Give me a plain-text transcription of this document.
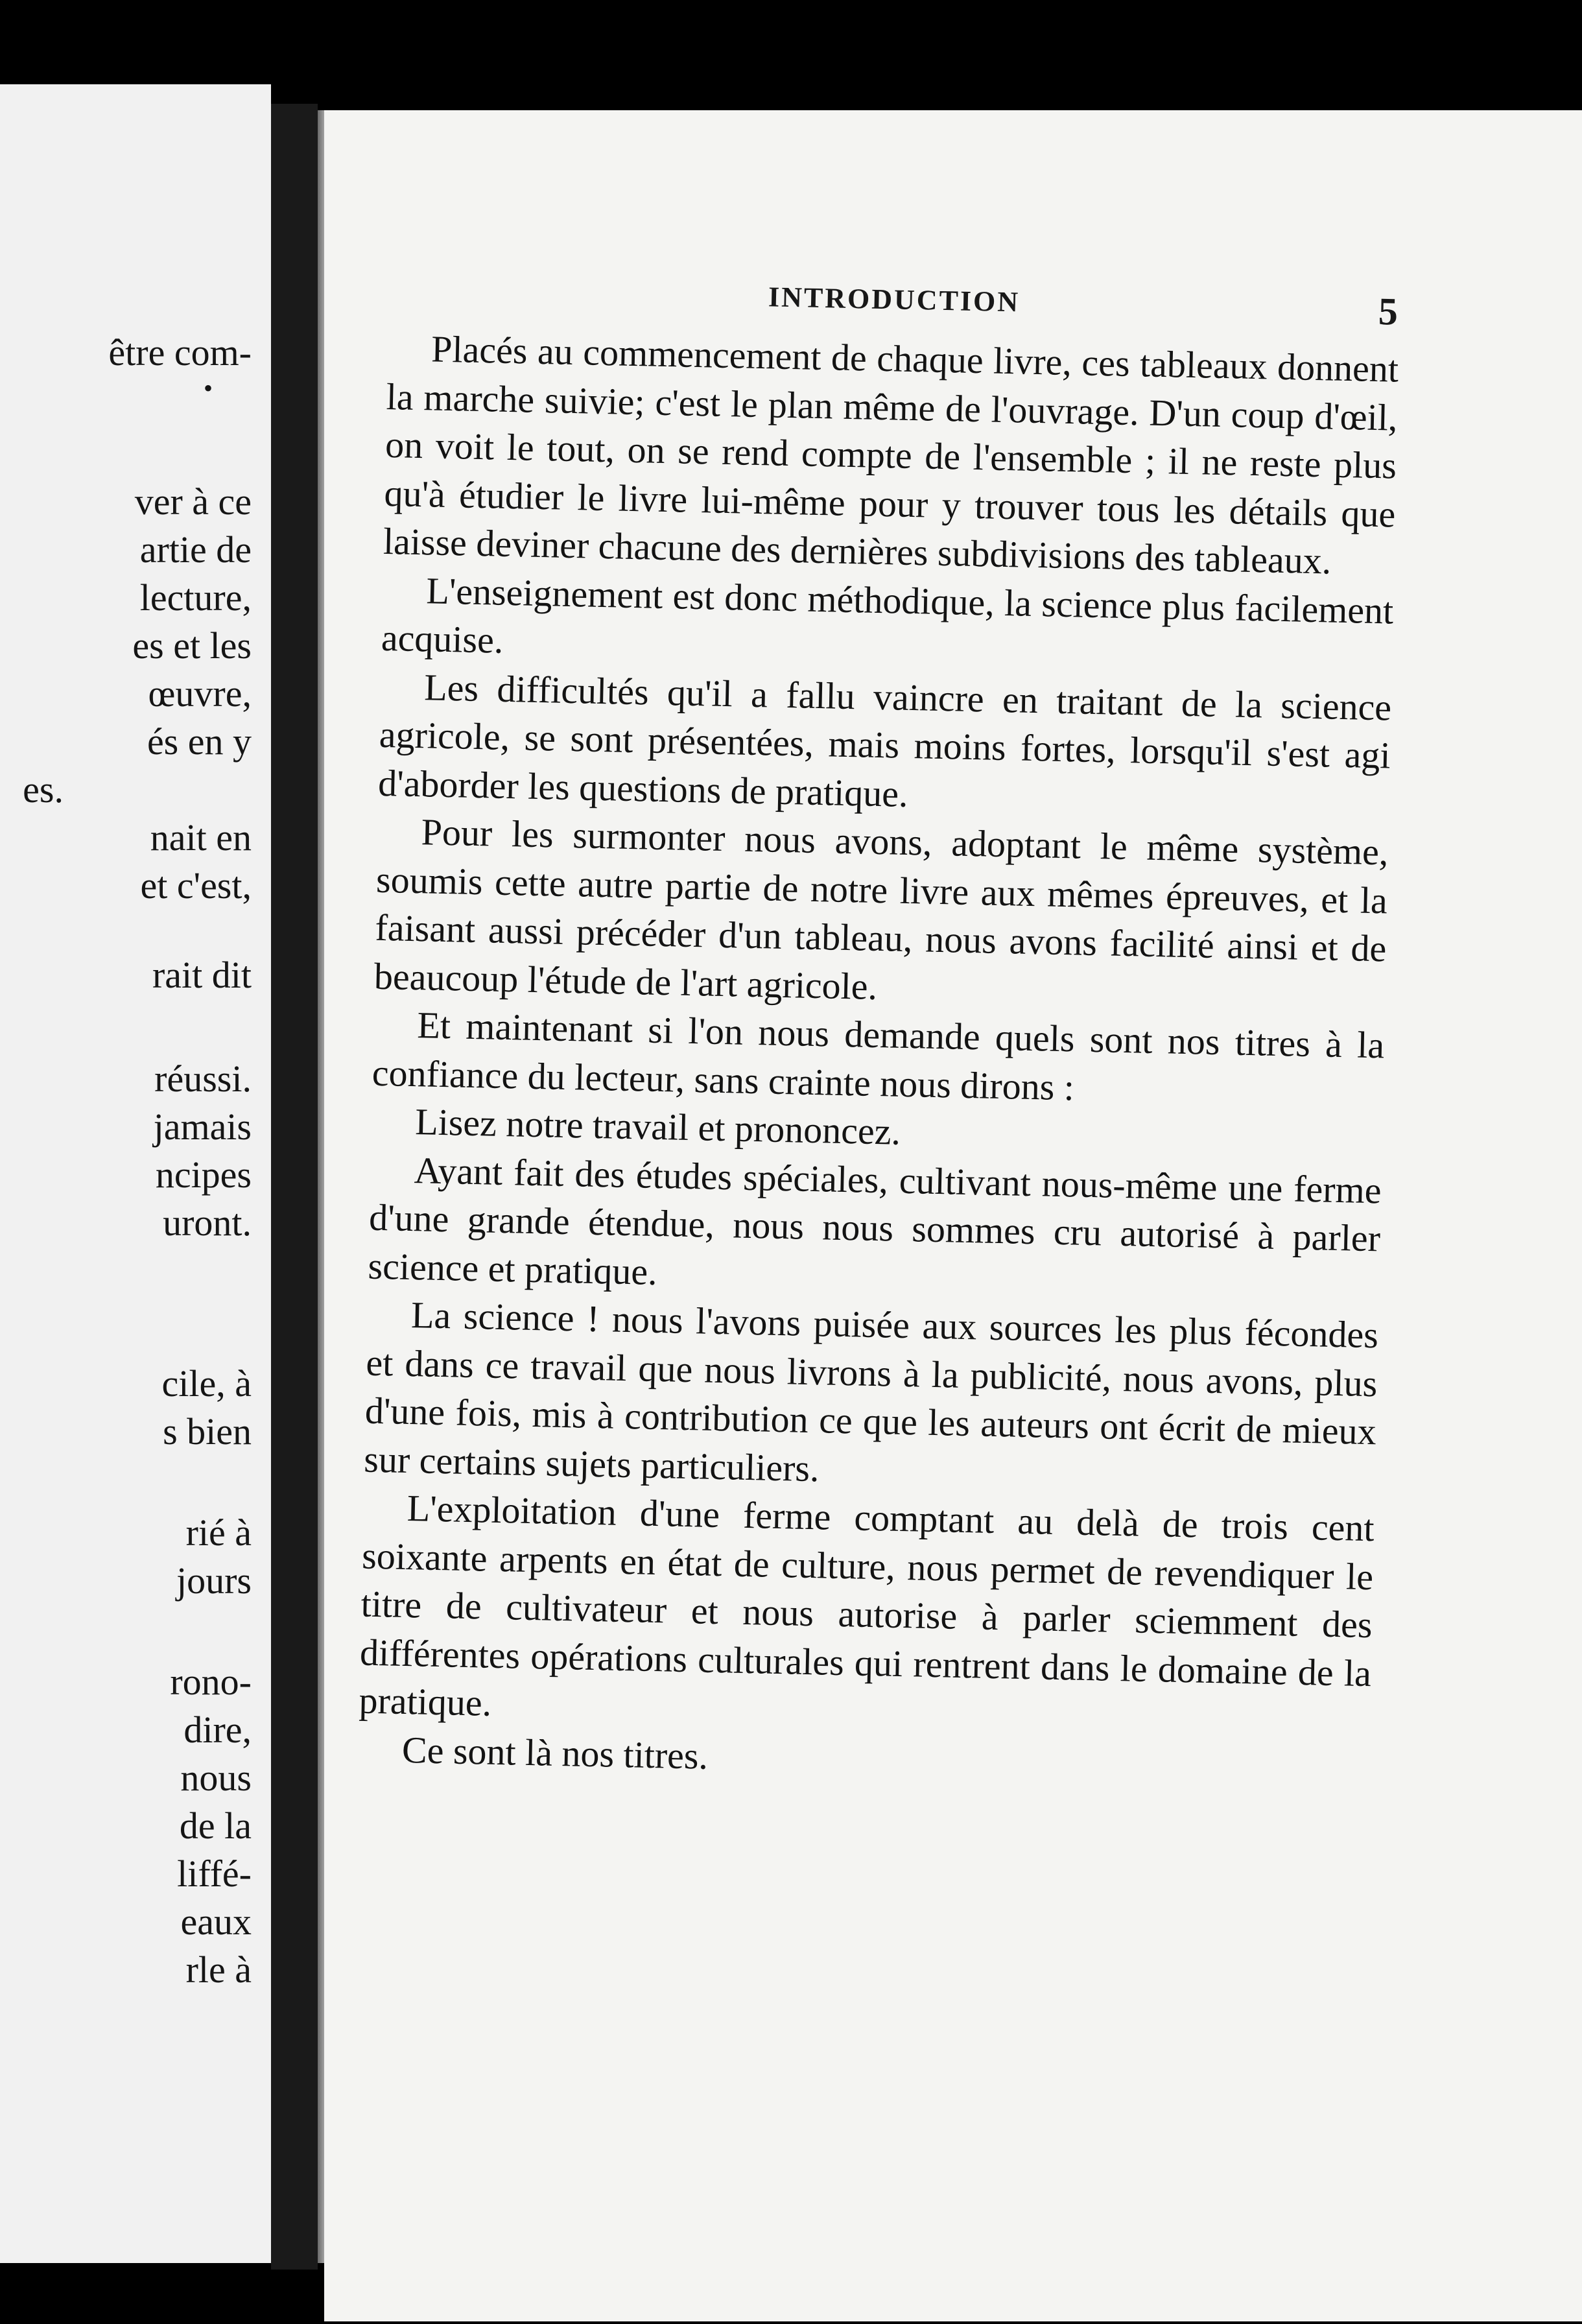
être com-
•
ver à ce
artie de
lecture,
es et les
œuvre,
és en y
es.
nait en
et c'est,
rait dit
réussi.
jamais
ncipes
uront.
cile, à
s bien
rié à
jours
rono-
dire,
nous
de la
liffé-
eaux
rle à
INTRODUCTION	5

Placés au commencement de chaque livre, ces tableaux donnent la marche suivie; c'est le plan même de l'ouvrage. D'un coup d'œil, on voit le tout, on se rend compte de l'ensemble ; il ne reste plus qu'à étudier le livre lui-même pour y trouver tous les détails que laisse deviner chacune des dernières subdivisions des tableaux.

L'enseignement est donc méthodique, la science plus facilement acquise.

Les difficultés qu'il a fallu vaincre en traitant de la science agricole, se sont présentées, mais moins fortes, lorsqu'il s'est agi d'aborder les questions de pratique.

Pour les surmonter nous avons, adoptant le même système, soumis cette autre partie de notre livre aux mêmes épreuves, et la faisant aussi précéder d'un tableau, nous avons facilité ainsi et de beaucoup l'étude de l'art agricole.

Et maintenant si l'on nous demande quels sont nos titres à la confiance du lecteur, sans crainte nous dirons :

Lisez notre travail et prononcez.

Ayant fait des études spéciales, cultivant nous-même une ferme d'une grande étendue, nous nous sommes cru autorisé à parler science et pratique.

La science ! nous l'avons puisée aux sources les plus fécondes et dans ce travail que nous livrons à la publicité, nous avons, plus d'une fois, mis à contribution ce que les auteurs ont écrit de mieux sur certains sujets particuliers.

L'exploitation d'une ferme comptant au delà de trois cent soixante arpents en état de culture, nous permet de revendiquer le titre de cultivateur et nous autorise à parler sciemment des différentes opérations culturales qui rentrent dans le domaine de la pratique.

Ce sont là nos titres.
